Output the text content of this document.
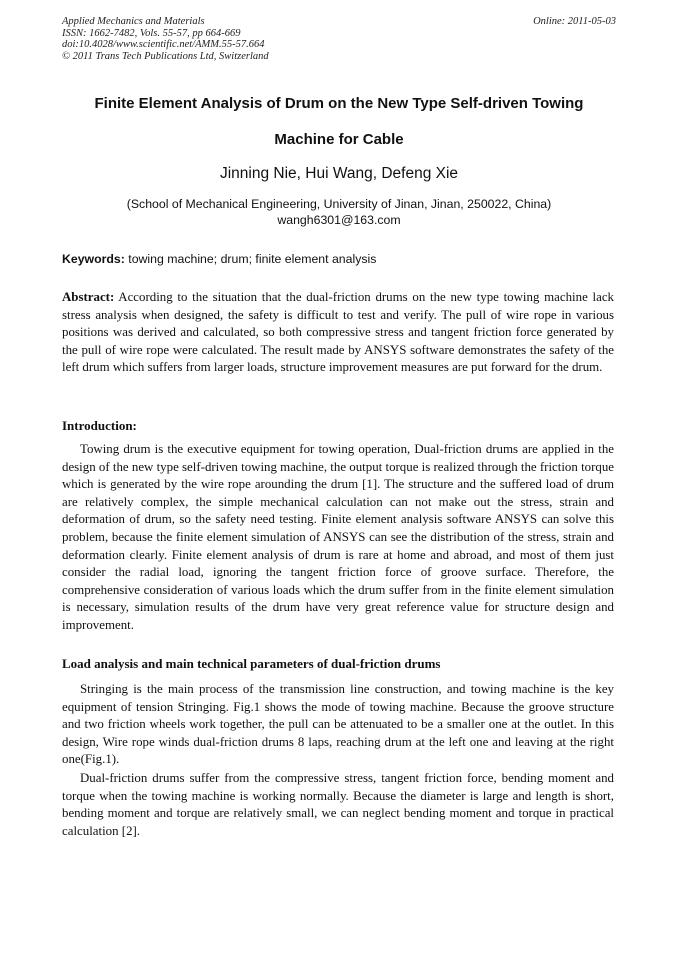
Applied Mechanics and Materials
ISSN: 1662-7482, Vols. 55-57, pp 664-669
doi:10.4028/www.scientific.net/AMM.55-57.664
© 2011 Trans Tech Publications Ltd, Switzerland
Online: 2011-05-03
Finite Element Analysis of Drum on the New Type Self-driven Towing
Machine for Cable
Jinning Nie, Hui Wang, Defeng Xie
(School of Mechanical Engineering, University of Jinan, Jinan, 250022, China)
wangh6301@163.com
Keywords: towing machine; drum; finite element analysis

Abstract: According to the situation that the dual-friction drums on the new type towing machine lack stress analysis when designed, the safety is difficult to test and verify. The pull of wire rope in various positions was derived and calculated, so both compressive stress and tangent friction force generated by the pull of wire rope were calculated. The result made by ANSYS software demonstrates the safety of the left drum which suffers from larger loads, structure improvement measures are put forward for the drum.

Introduction:

Towing drum is the executive equipment for towing operation, Dual-friction drums are applied in the design of the new type self-driven towing machine, the output torque is realized through the friction torque which is generated by the wire rope arounding the drum [1]. The structure and the suffered load of drum are relatively complex, the simple mechanical calculation can not make out the stress, strain and deformation of drum, so the safety need testing. Finite element analysis software ANSYS can solve this problem, because the finite element simulation of ANSYS can see the distribution of the stress, strain and deformation clearly. Finite element analysis of drum is rare at home and abroad, and most of them just consider the radial load, ignoring the tangent friction force of groove surface. Therefore, the comprehensive consideration of various loads which the drum suffer from in the finite element simulation is necessary, simulation results of the drum have very great reference value for structure design and improvement.

Load analysis and main technical parameters of dual-friction drums

Stringing is the main process of the transmission line construction, and towing machine is the key equipment of tension Stringing. Fig.1 shows the mode of towing machine. Because the groove structure and two friction wheels work together, the pull can be attenuated to be a smaller one at the outlet. In this design, Wire rope winds dual-friction drums 8 laps, reaching drum at the left one and leaving at the right one(Fig.1).

Dual-friction drums suffer from the compressive stress, tangent friction force, bending moment and torque when the towing machine is working normally. Because the diameter is large and length is short, bending moment and torque are relatively small, we can neglect bending moment and torque in practical calculation [2].
